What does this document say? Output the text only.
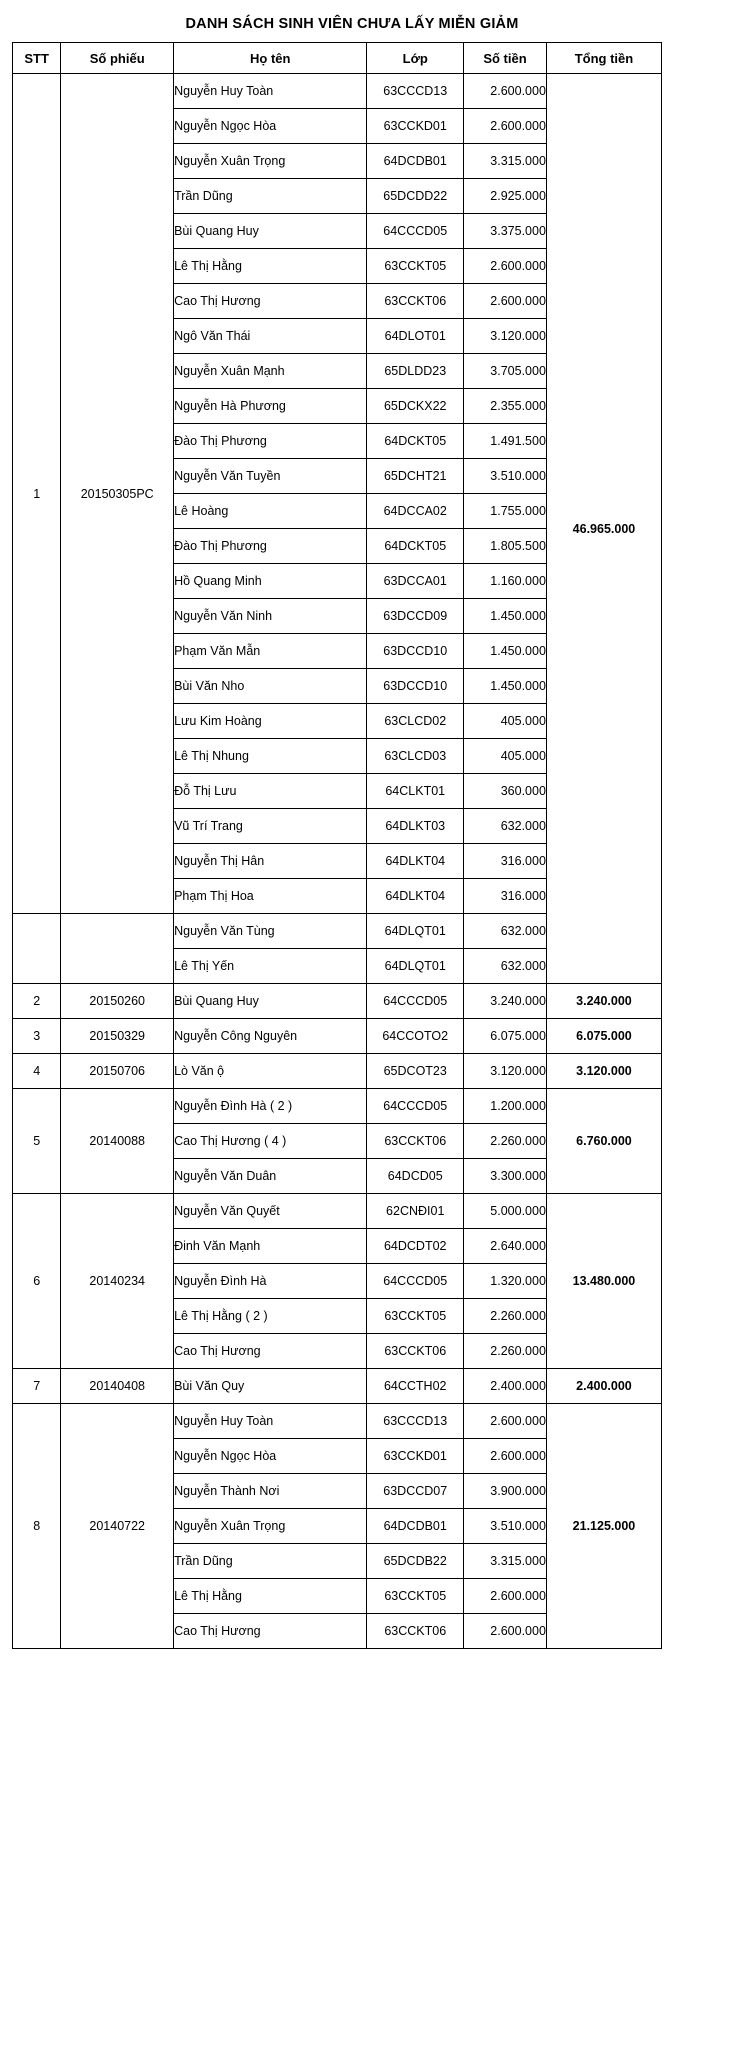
DANH SÁCH SINH VIÊN CHƯA LẤY MIỄN GIẢM
STT	Số phiếu	Họ tên	Lớp	Số tiền	Tổng tiền
1	20150305PC	Nguyễn Huy Toàn	63CCCD13	2.600.000	46.965.000
		Nguyễn Ngọc Hòa	63CCKD01	2.600.000	
		Nguyễn Xuân Trọng	64DCDB01	3.315.000	
		Trần Dũng	65DCDD22	2.925.000	
		Bùi Quang Huy	64CCCD05	3.375.000	
		Lê Thị Hằng	63CCKT05	2.600.000	
		Cao Thị Hương	63CCKT06	2.600.000	
		Ngô Văn Thái	64DLOT01	3.120.000	
		Nguyễn Xuân Mạnh	65DLDD23	3.705.000	
		Nguyễn Hà Phương	65DCKX22	2.355.000	
		Đào Thị Phương	64DCKT05	1.491.500	
		Nguyễn Văn Tuyền	65DCHT21	3.510.000	
		Lê Hoàng	64DCCA02	1.755.000	
		Đào Thị Phương	64DCKT05	1.805.500	
		Hồ Quang Minh	63DCCA01	1.160.000	
		Nguyễn Văn Ninh	63DCCD09	1.450.000	
		Phạm Văn Mẫn	63DCCD10	1.450.000	
		Bùi Văn Nho	63DCCD10	1.450.000	
		Lưu Kim Hoàng	63CLCD02	405.000	
		Lê Thị Nhung	63CLCD03	405.000	
		Đỗ Thị Lưu	64CLKT01	360.000	
		Vũ Trí Trang	64DLKT03	632.000	
		Nguyễn Thị Hân	64DLKT04	316.000	
		Phạm Thị Hoa	64DLKT04	316.000	
		Nguyễn Văn Tùng	64DLQT01	632.000	
		Lê Thị Yến	64DLQT01	632.000	
2	20150260	Bùi Quang Huy	64CCCD05	3.240.000	3.240.000
3	20150329	Nguyễn Công Nguyên	64CCOTO2	6.075.000	6.075.000
4	20150706	Lò Văn ộ	65DCOT23	3.120.000	3.120.000
5	20140088	Nguyễn Đình Hà ( 2 )	64CCCD05	1.200.000	6.760.000
		Cao Thị Hương ( 4 )	63CCKT06	2.260.000	
		Nguyễn Văn Duân	64DCD05	3.300.000	
6	20140234	Nguyễn Văn Quyết	62CNĐI01	5.000.000	13.480.000
		Đinh Văn Mạnh	64DCDT02	2.640.000	
		Nguyễn Đình Hà	64CCCD05	1.320.000	
		Lê Thị Hằng ( 2 )	63CCKT05	2.260.000	
		Cao Thị Hương	63CCKT06	2.260.000	
7	20140408	Bùi Văn Quy	64CCTH02	2.400.000	2.400.000
8	20140722	Nguyễn Huy Toàn	63CCCD13	2.600.000	21.125.000
		Nguyễn Ngọc Hòa	63CCKD01	2.600.000	
		Nguyễn Thành Nơi	63DCCD07	3.900.000	
		Nguyễn Xuân Trọng	64DCDB01	3.510.000	
		Trần Dũng	65DCDB22	3.315.000	
		Lê Thị Hằng	63CCKT05	2.600.000	
		Cao Thị Hương	63CCKT06	2.600.000	
